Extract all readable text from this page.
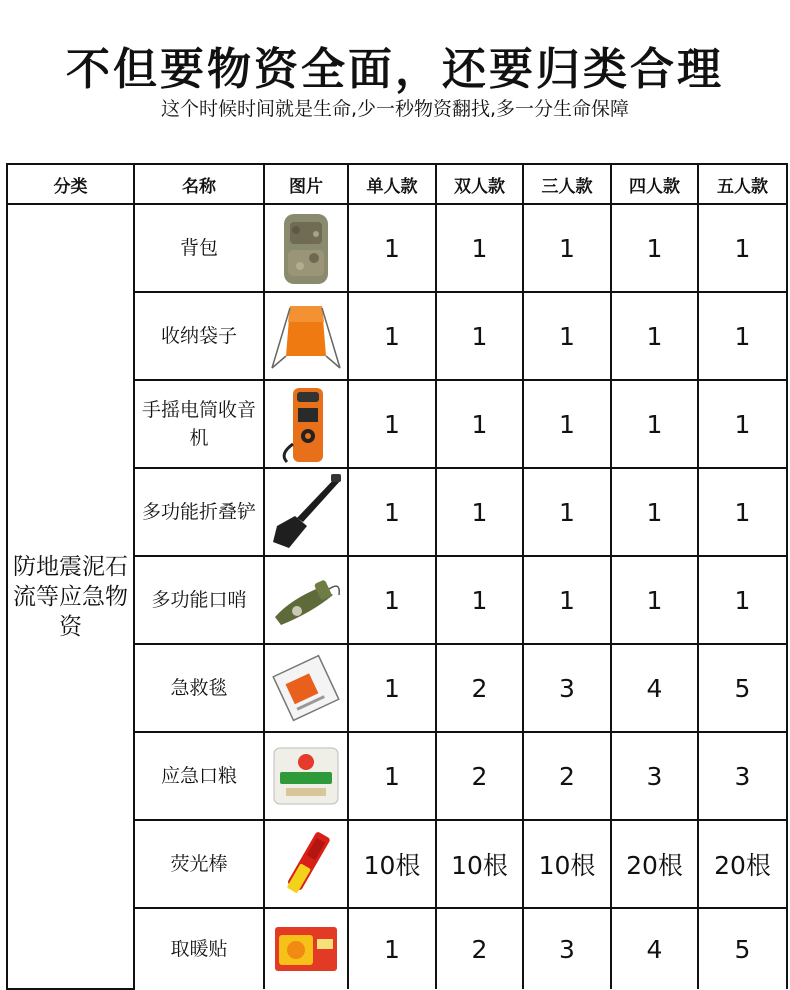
不但要物资全面，还要归类合理
这个时候时间就是生命,少一秒物资翻找,多一分生命保障
分类	名称	图片	单人款	双人款	三人款	四人款	五人款
防地震泥石流等应急物资	背包		1	1	1	1	1
	收纳袋子		1	1	1	1	1
	手摇电筒收音机		1	1	1	1	1
	多功能折叠铲		1	1	1	1	1
	多功能口哨		1	1	1	1	1
	急救毯		1	2	3	4	5
	应急口粮		1	2	2	3	3
	荧光棒		10根	10根	10根	20根	20根
	取暖贴		1	2	3	4	5
